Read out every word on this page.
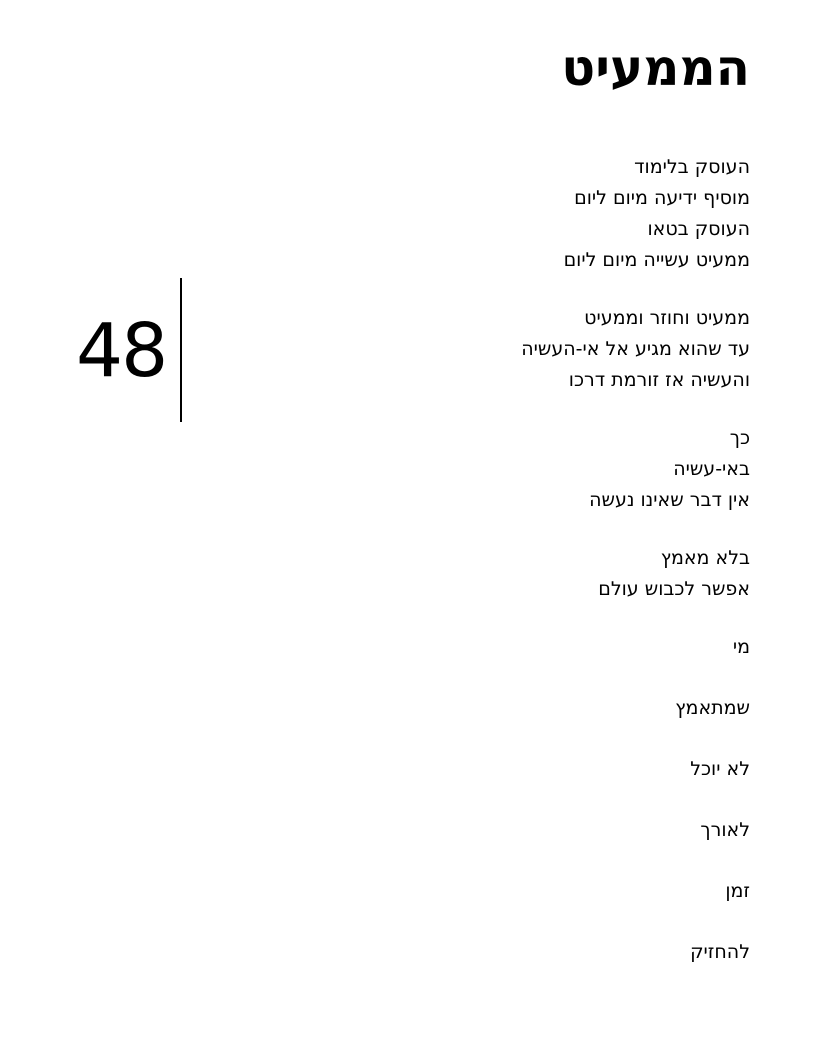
הממעיט
48
העוסק בלימוד
מוסיף ידיעה מיום ליום
העוסק בטאו
ממעיט עשייה מיום ליום
ממעיט וחוזר וממעיט
עד שהוא מגיע אל אי-העשיה
והעשיה אז זורמת דרכו
כך
באי-עשיה
אין דבר שאינו נעשה
בלא מאמץ
אפשר לכבוש עולם
מי
שמתאמץ
לא יוכל
לאורך
זמן
להחזיק
